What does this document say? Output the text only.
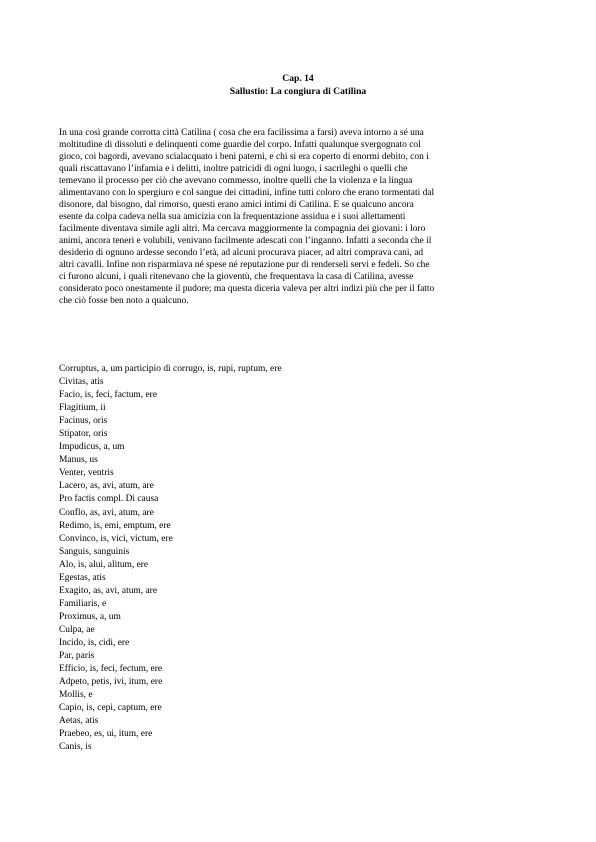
Cap. 14
Sallustio: La congiura di Catilina
In una così grande corrotta città Catilina ( cosa che era facilissima a farsi) aveva intorno a sé una
moltitudine di dissoluti e delinquenti come guardie del corpo. Infatti qualunque svergognato col
gioco, coi bagordi, avevano scialacquato i beni paterni, e chi si era coperto di enormi debito, con i
quali riscattavano l’infamia e i delitti, inoltre patricidi di ogni luogo, i sacrileghi o quelli che
temevano il processo per ciò che avevano commesso, inoltre quelli che la violenza e la lingua
alimentavano con lo spergiuro e col sangue dei cittadini, infine tutti coloro che erano tormentati dal
disonore, dal bisogno, dal rimorso, questi erano amici intimi di Catilina. E se qualcuno ancora
esente da colpa cadeva nella sua amicizia con la frequentazione assidua e i suoi allettamenti
facilmente diventava simile agli altri. Ma cercava maggiormente la compagnia dei giovani: i loro
animi, ancora teneri e volubili, venivano facilmente adescati con l’inganno. Infatti a seconda che il
desiderio di ognuno ardesse secondo l’età, ad alcuni procurava piacer, ad altri comprava cani, ad
altri cavalli. Infine non risparmiava né spese né reputazione pur di renderseli servi e fedeli. So che
ci furono alcuni, i quali ritenevano che la gioventù, che frequentava la casa di Catilina, avesse
considerato poco onestamente il pudore; ma questa diceria valeva per altri indizi più che per il fatto
che ciò fosse ben noto a qualcuno.
Corruptus, a, um participio di corrugo, is, rupi, ruptum, ere
Civitas, atis
Facio, is, feci, factum, ere
Flagitium, ii
Facinus, oris
Stipator, oris
Impudicus, a, um
Manus, us
Venter, ventris
Lacero, as, avi, atum, are
Pro factis compl. Di causa
Conflo, as, avi, atum, are
Redimo, is, emi, emptum, ere
Convinco, is, vici, victum, ere
Sanguis, sanguinis
Alo, is, alui, alitum, ere
Egestas, atis
Exagito, as, avi, atum, are
Familiaris, e
Proximus, a, um
Culpa, ae
Incido, is, cidi, ere
Par, paris
Efficio, is, feci, fectum, ere
Adpeto, petis, ivi, itum, ere
Mollis, e
Capio, is, cepi, captum, ere
Aetas, atis
Praebeo, es, ui, itum, ere
Canis, is
